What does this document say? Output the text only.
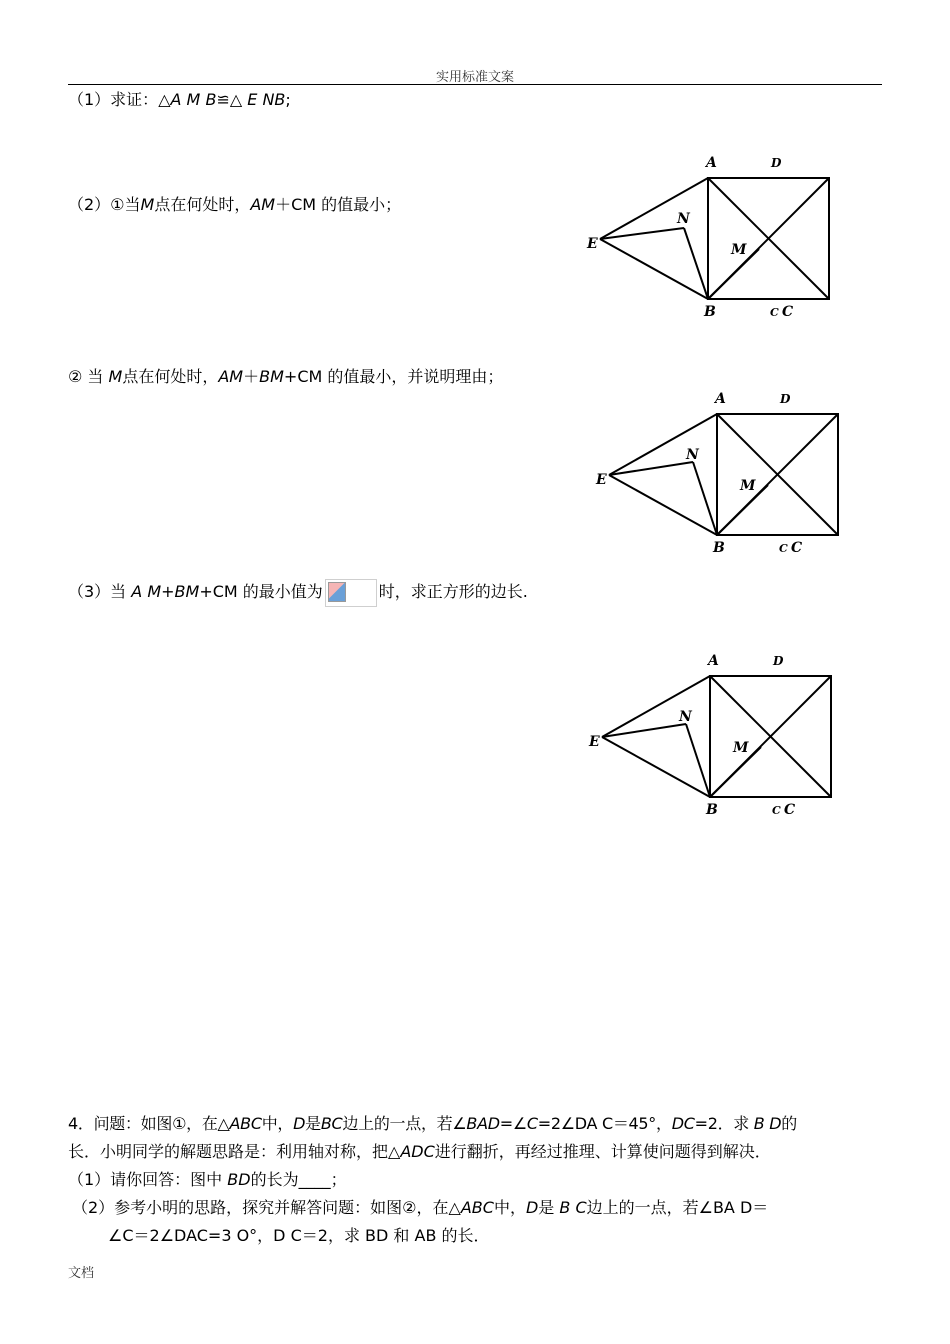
实用标准文案
（1）求证：△A M B≌△ E NB;
（2）①当M点在何处时，AM＋CM 的值最小；
② 当 M点在何处时，AM＋BM+CM 的值最小，并说明理由；
（3）当 A M+BM+CM 的最小值为	时，求正方形的边长.
A	D
E
N
M
B	C C
A	D
E
N
M
B	C C
A	D
E
N
M
B	C C
4．问题：如图①，在△ABC中，D是BC边上的一点，若∠BAD=∠C=2∠DA C＝45°，DC=2．求 B D的
长．小明同学的解题思路是：利用轴对称，把△ADC进行翻折，再经过推理、计算使问题得到解决．
（1）请你回答：图中 BD的长为____；
（2）参考小明的思路，探究并解答问题：如图②，在△ABC中，D是 B C边上的一点，若∠BA D＝
∠C＝2∠DAC=3 O°，D C＝2，求 BD 和 AB 的长．
文档
